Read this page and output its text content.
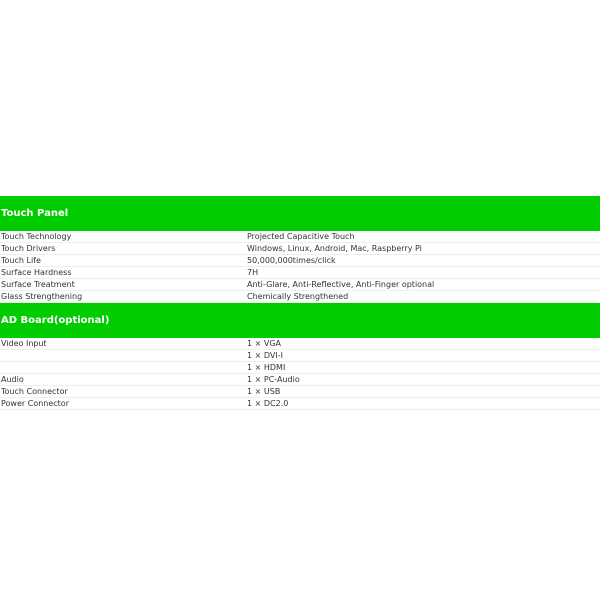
Touch Panel	
Touch Technology	Projected Capacitive Touch
Touch Drivers	Windows, Linux, Android, Mac, Raspberry Pi
Touch Life	50,000,000times/click
Surface Hardness	7H
Surface Treatment	Anti-Glare, Anti-Reflective, Anti-Finger optional
Glass Strengthening	Chemically Strengthened
AD Board(optional)	
Video Input	1 × VGA
	1 × DVI-I
	1 × HDMI
Audio	1 × PC-Audio
Touch Connector	1 × USB
Power Connector	1 × DC2.0
